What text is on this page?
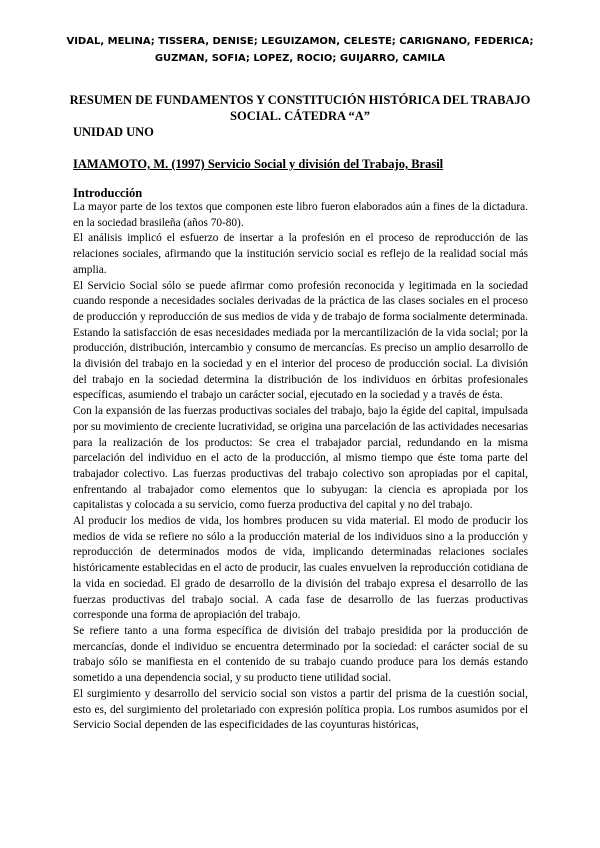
VIDAL, MELINA; TISSERA, DENISE; LEGUIZAMON, CELESTE; CARIGNANO, FEDERICA; GUZMAN, SOFIA; LOPEZ, ROCIO; GUIJARRO, CAMILA
RESUMEN DE FUNDAMENTOS Y CONSTITUCIÓN HISTÓRICA DEL TRABAJO SOCIAL. CÁTEDRA “A”
UNIDAD UNO
IAMAMOTO, M. (1997) Servicio Social y división del Trabajo, Brasil
Introducción

La mayor parte de los textos que componen este libro fueron elaborados aún a fines de la dictadura. en la sociedad brasileña (años 70-80).

El análisis implicó el esfuerzo de insertar a la profesión en el proceso de reproducción de las relaciones sociales, afirmando que la institución servicio social es reflejo de la realidad social más amplia.

El Servicio Social sólo se puede afirmar como profesión reconocida y legitimada en la sociedad cuando responde a necesidades sociales derivadas de la práctica de las clases sociales en el proceso de producción y reproducción de sus medios de vida y de trabajo de forma socialmente determinada. Estando la satisfacción de esas necesidades mediada por la mercantilización de la vida social; por la producción, distribución, intercambio y consumo de mercancías. Es preciso un amplio desarrollo de la división del trabajo en la sociedad y en el interior del proceso de producción social. La división del trabajo en la sociedad determina la distribución de los individuos en órbitas profesionales específicas, asumiendo el trabajo un carácter social, ejecutado en la sociedad y a través de ésta.

Con la expansión de las fuerzas productivas sociales del trabajo, bajo la égide del capital, impulsada por su movimiento de creciente lucratividad, se origina una parcelación de las actividades necesarias para la realización de los productos: Se crea el trabajador parcial, redundando en la misma parcelación del individuo en el acto de la producción, al mismo tiempo que éste toma parte del trabajador colectivo. Las fuerzas productivas del trabajo colectivo son apropiadas por el capital, enfrentando al trabajador como elementos que lo subyugan: la ciencia es apropiada por los capitalistas y colocada a su servicio, como fuerza productiva del capital y no del trabajo.

Al producir los medios de vida, los hombres producen su vida material. El modo de producir los medios de vida se refiere no sólo a la producción material de los individuos sino a la producción y reproducción de determinados modos de vida, implicando determinadas relaciones sociales históricamente establecidas en el acto de producir, las cuales envuelven la reproducción cotidiana de la vida en sociedad. El grado de desarrollo de la división del trabajo expresa el desarrollo de las fuerzas productivas del trabajo social. A cada fase de desarrollo de las fuerzas productivas corresponde una forma de apropiación del trabajo.

Se refiere tanto a una forma específica de división del trabajo presidida por la producción de mercancías, donde el individuo se encuentra determinado por la sociedad: el carácter social de su trabajo sólo se manifiesta en el contenido de su trabajo cuando produce para los demás estando sometido a una dependencia social, y su producto tiene utilidad social.

El surgimiento y desarrollo del servicio social son vistos a partir del prisma de la cuestión social, esto es, del surgimiento del proletariado con expresión política propia. Los rumbos asumidos por el Servicio Social dependen de las especificidades de las coyunturas históricas,
